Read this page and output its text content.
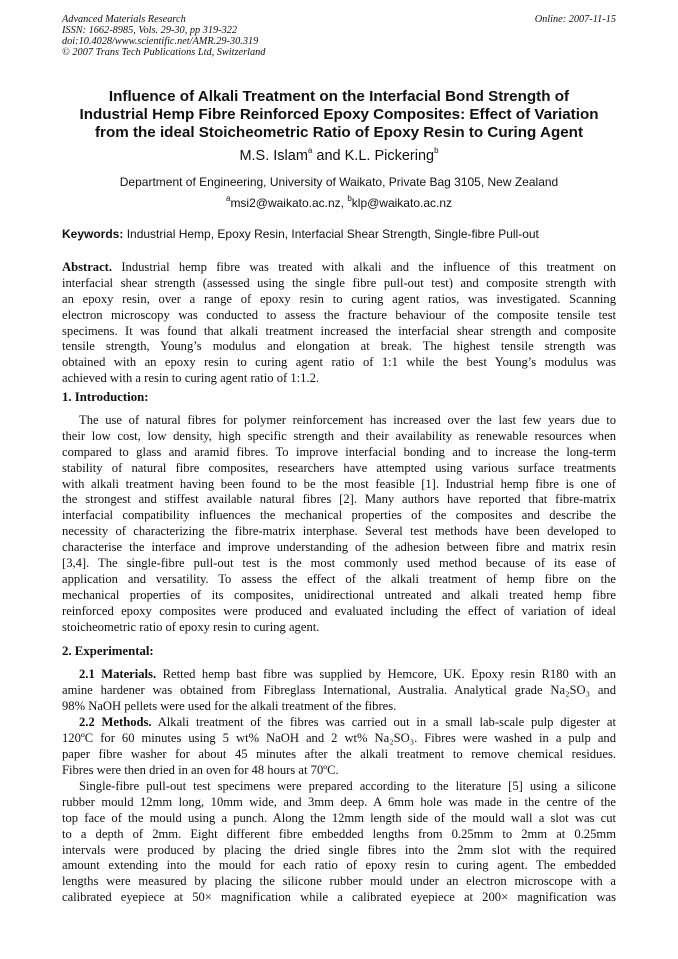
Advanced Materials Research
ISSN: 1662-8985, Vols. 29-30, pp 319-322
doi:10.4028/www.scientific.net/AMR.29-30.319
© 2007 Trans Tech Publications Ltd, Switzerland
Online: 2007-11-15
Influence of Alkali Treatment on the Interfacial Bond Strength of
Industrial Hemp Fibre Reinforced Epoxy Composites: Effect of Variation
from the ideal Stoicheometric Ratio of Epoxy Resin to Curing Agent
M.S. Islam$^a$ and K.L. Pickering$^b$
Department of Engineering, University of Waikato, Private Bag 3105, New Zealand
$^a$msi2@waikato.ac.nz, $^b$klp@waikato.ac.nz
Keywords: Industrial Hemp, Epoxy Resin, Interfacial Shear Strength, Single-fibre Pull-out
Abstract. Industrial hemp fibre was treated with alkali and the influence of this treatment on
interfacial shear strength (assessed using the single fibre pull-out test) and composite strength with
an epoxy resin, over a range of epoxy resin to curing agent ratios, was investigated. Scanning
electron microscopy was conducted to assess the fracture behaviour of the composite tensile test
specimens. It was found that alkali treatment increased the interfacial shear strength and composite
tensile strength, Young’s modulus and elongation at break. The highest tensile strength was
obtained with an epoxy resin to curing agent ratio of 1:1 while the best Young’s modulus was
achieved with a resin to curing agent ratio of 1:1.2.
1. Introduction:
The use of natural fibres for polymer reinforcement has increased over the last few years due to
their low cost, low density, high specific strength and their availability as renewable resources when
compared to glass and aramid fibres. To improve interfacial bonding and to increase the long-term
stability of natural fibre composites, researchers have attempted using various surface treatments
with alkali treatment having been found to be the most feasible [1]. Industrial hemp fibre is one of
the strongest and stiffest available natural fibres [2]. Many authors have reported that fibre-matrix
interfacial compatibility influences the mechanical properties of the composites and describe the
necessity of characterizing the fibre-matrix interphase. Several test methods have been developed to
characterise the interface and improve understanding of the adhesion between fibre and matrix resin
[3,4]. The single-fibre pull-out test is the most commonly used method because of its ease of
application and versatility. To assess the effect of the alkali treatment of hemp fibre on the
mechanical properties of its composites, unidirectional untreated and alkali treated hemp fibre
reinforced epoxy composites were produced and evaluated including the effect of variation of ideal
stoicheometric ratio of epoxy resin to curing agent.
2. Experimental:
2.1 Materials. Retted hemp bast fibre was supplied by Hemcore, UK. Epoxy resin R180 with an
amine hardener was obtained from Fibreglass International, Australia. Analytical grade Na₂SO₃ and
98% NaOH pellets were used for the alkali treatment of the fibres.
2.2 Methods. Alkali treatment of the fibres was carried out in a small lab-scale pulp digester at
120ºC for 60 minutes using 5 wt% NaOH and 2 wt% Na₂SO₃. Fibres were washed in a pulp and
paper fibre washer for about 45 minutes after the alkali treatment to remove chemical residues.
Fibres were then dried in an oven for 48 hours at 70ºC.
Single-fibre pull-out test specimens were prepared according to the literature [5] using a silicone
rubber mould 12mm long, 10mm wide, and 3mm deep. A 6mm hole was made in the centre of the
top face of the mould using a punch. Along the 12mm length side of the mould wall a slot was cut
to a depth of 2mm. Eight different fibre embedded lengths from 0.25mm to 2mm at 0.25mm
intervals were produced by placing the dried single fibres into the 2mm slot with the required
amount extending into the mould for each ratio of epoxy resin to curing agent. The embedded
lengths were measured by placing the silicone rubber mould under an electron microscope with a
calibrated eyepiece at 50× magnification while a calibrated eyepiece at 200× magnification was
